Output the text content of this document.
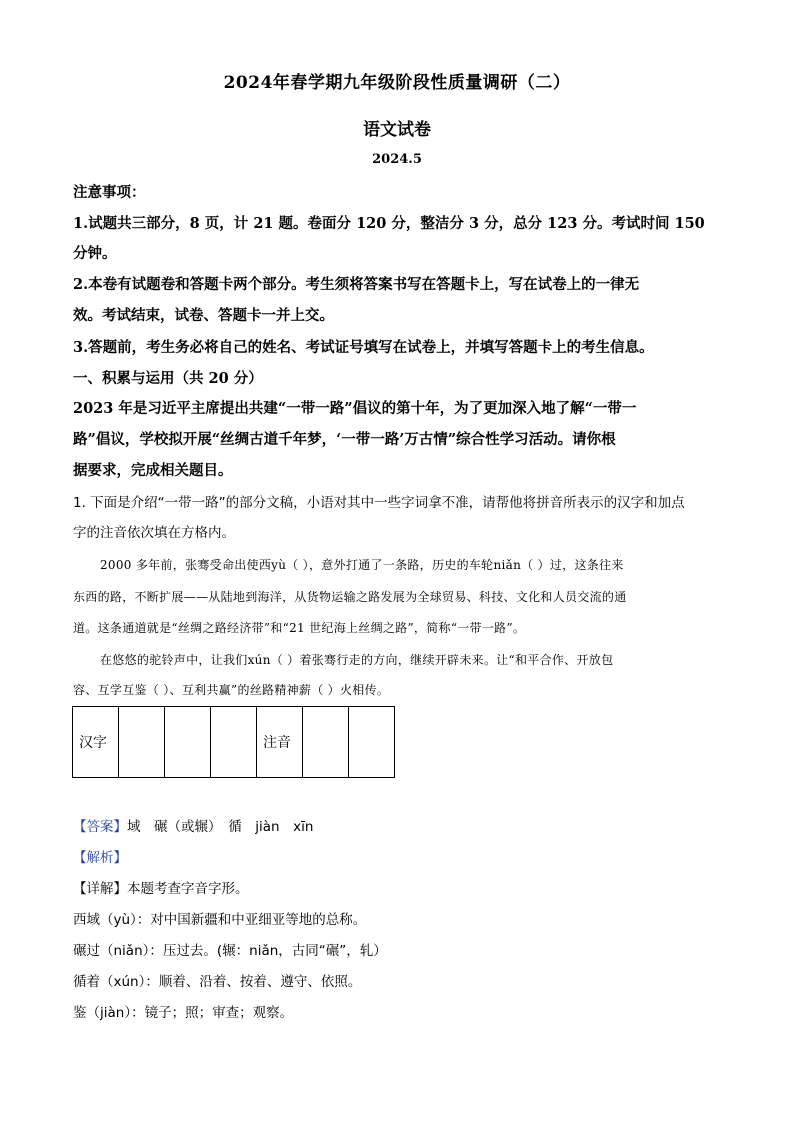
2024年春学期九年级阶段性质量调研（二）
语文试卷
2024.5
注意事项：
1.试题共三部分，8 页，计 21 题。卷面分 120 分，整洁分 3 分，总分 123 分。考试时间 150
分钟。
2.本卷有试题卷和答题卡两个部分。考生须将答案书写在答题卡上，写在试卷上的一律无
效。考试结束，试卷、答题卡一并上交。
3.答题前，考生务必将自己的姓名、考试证号填写在试卷上，并填写答题卡上的考生信息。
一、积累与运用（共 20 分）
2023 年是习近平主席提出共建“一带一路”倡议的第十年，为了更加深入地了解“一带一
路”倡议，学校拟开展“丝绸古道千年梦，‘一带一路’万古情”综合性学习活动。请你根
据要求，完成相关题目。
1. 下面是介绍“一带一路”的部分文稿，小语对其中一些字词拿不准，请帮他将拼音所表示的汉字和加点
字的注音依次填在方格内。
2000 多年前，张骞受命出使西yù（ ），意外打通了一条路，历史的车轮niǎn（ ）过，这条往来
东西的路，不断扩展——从陆地到海洋，从货物运输之路发展为全球贸易、科技、文化和人员交流的通
道。这条通道就是“丝绸之路经济带”和“21 世纪海上丝绸之路”，简称“一带一路”。
在悠悠的驼铃声中，让我们xún（ ）着张骞行走的方向，继续开辟未来。让“和平合作、开放包
容、互学互鉴（ ）、互利共赢”的丝路精神薪（ ）火相传。
汉字				注音		
【答案】域　碾（或辗）　循　jiàn　xīn
【解析】
【详解】本题考查字音字形。
西域（yù）：对中国新疆和中亚细亚等地的总称。
碾过（niǎn）：压过去。(辗：niǎn，古同“碾”，轧）
循着（xún）：顺着、沿着、按着、遵守、依照。
鉴（jiàn）：镜子；照；审查；观察。
